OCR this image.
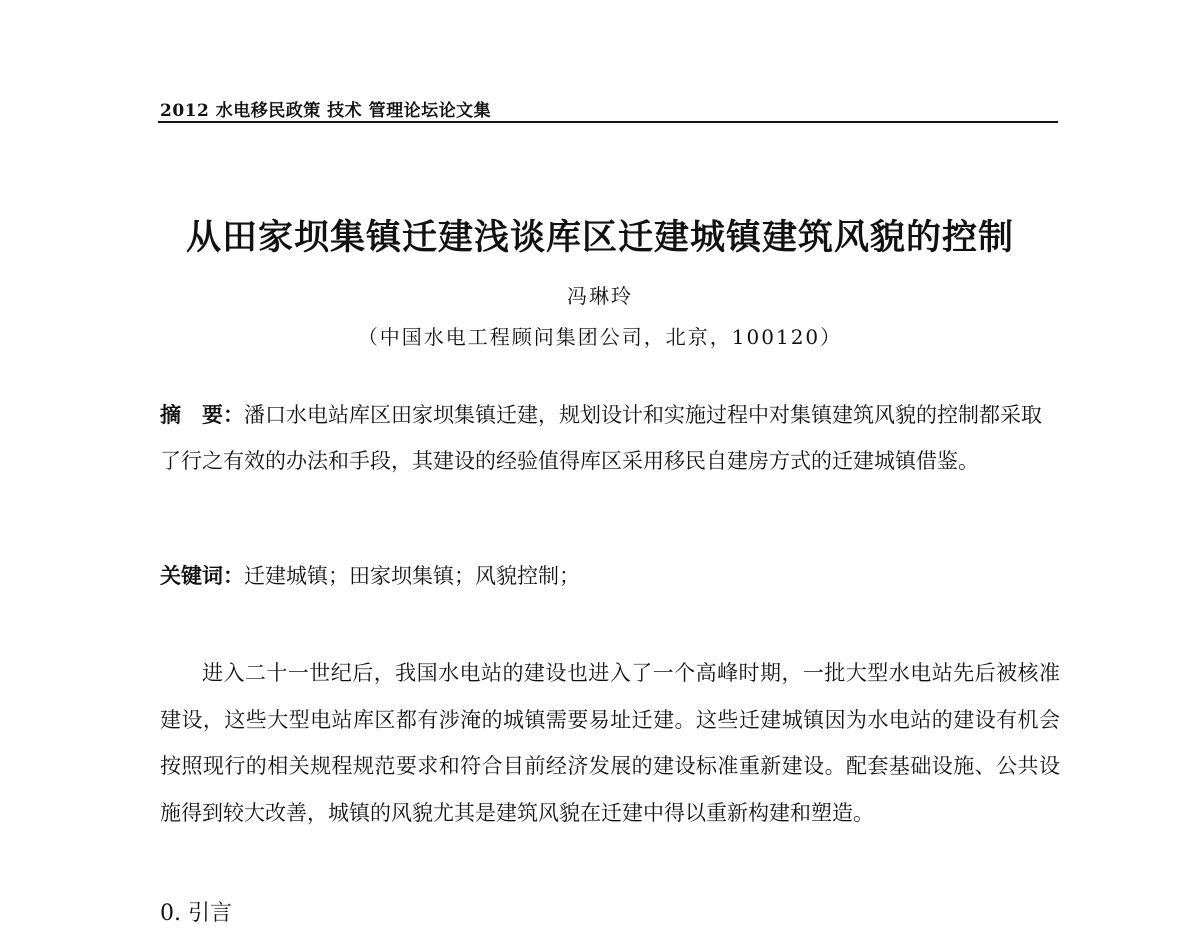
2012 水电移民政策 技术 管理论坛论文集
从田家坝集镇迁建浅谈库区迁建城镇建筑风貌的控制
冯琳玲
（中国水电工程顾问集团公司，北京，100120）
摘　要：潘口水电站库区田家坝集镇迁建，规划设计和实施过程中对集镇建筑风貌的控制都采取了行之有效的办法和手段，其建设的经验值得库区采用移民自建房方式的迁建城镇借鉴。
关键词：迁建城镇；田家坝集镇；风貌控制；
进入二十一世纪后，我国水电站的建设也进入了一个高峰时期，一批大型水电站先后被核准建设，这些大型电站库区都有涉淹的城镇需要易址迁建。这些迁建城镇因为水电站的建设有机会按照现行的相关规程规范要求和符合目前经济发展的建设标准重新建设。配套基础设施、公共设施得到较大改善，城镇的风貌尤其是建筑风貌在迁建中得以重新构建和塑造。
0. 引言
